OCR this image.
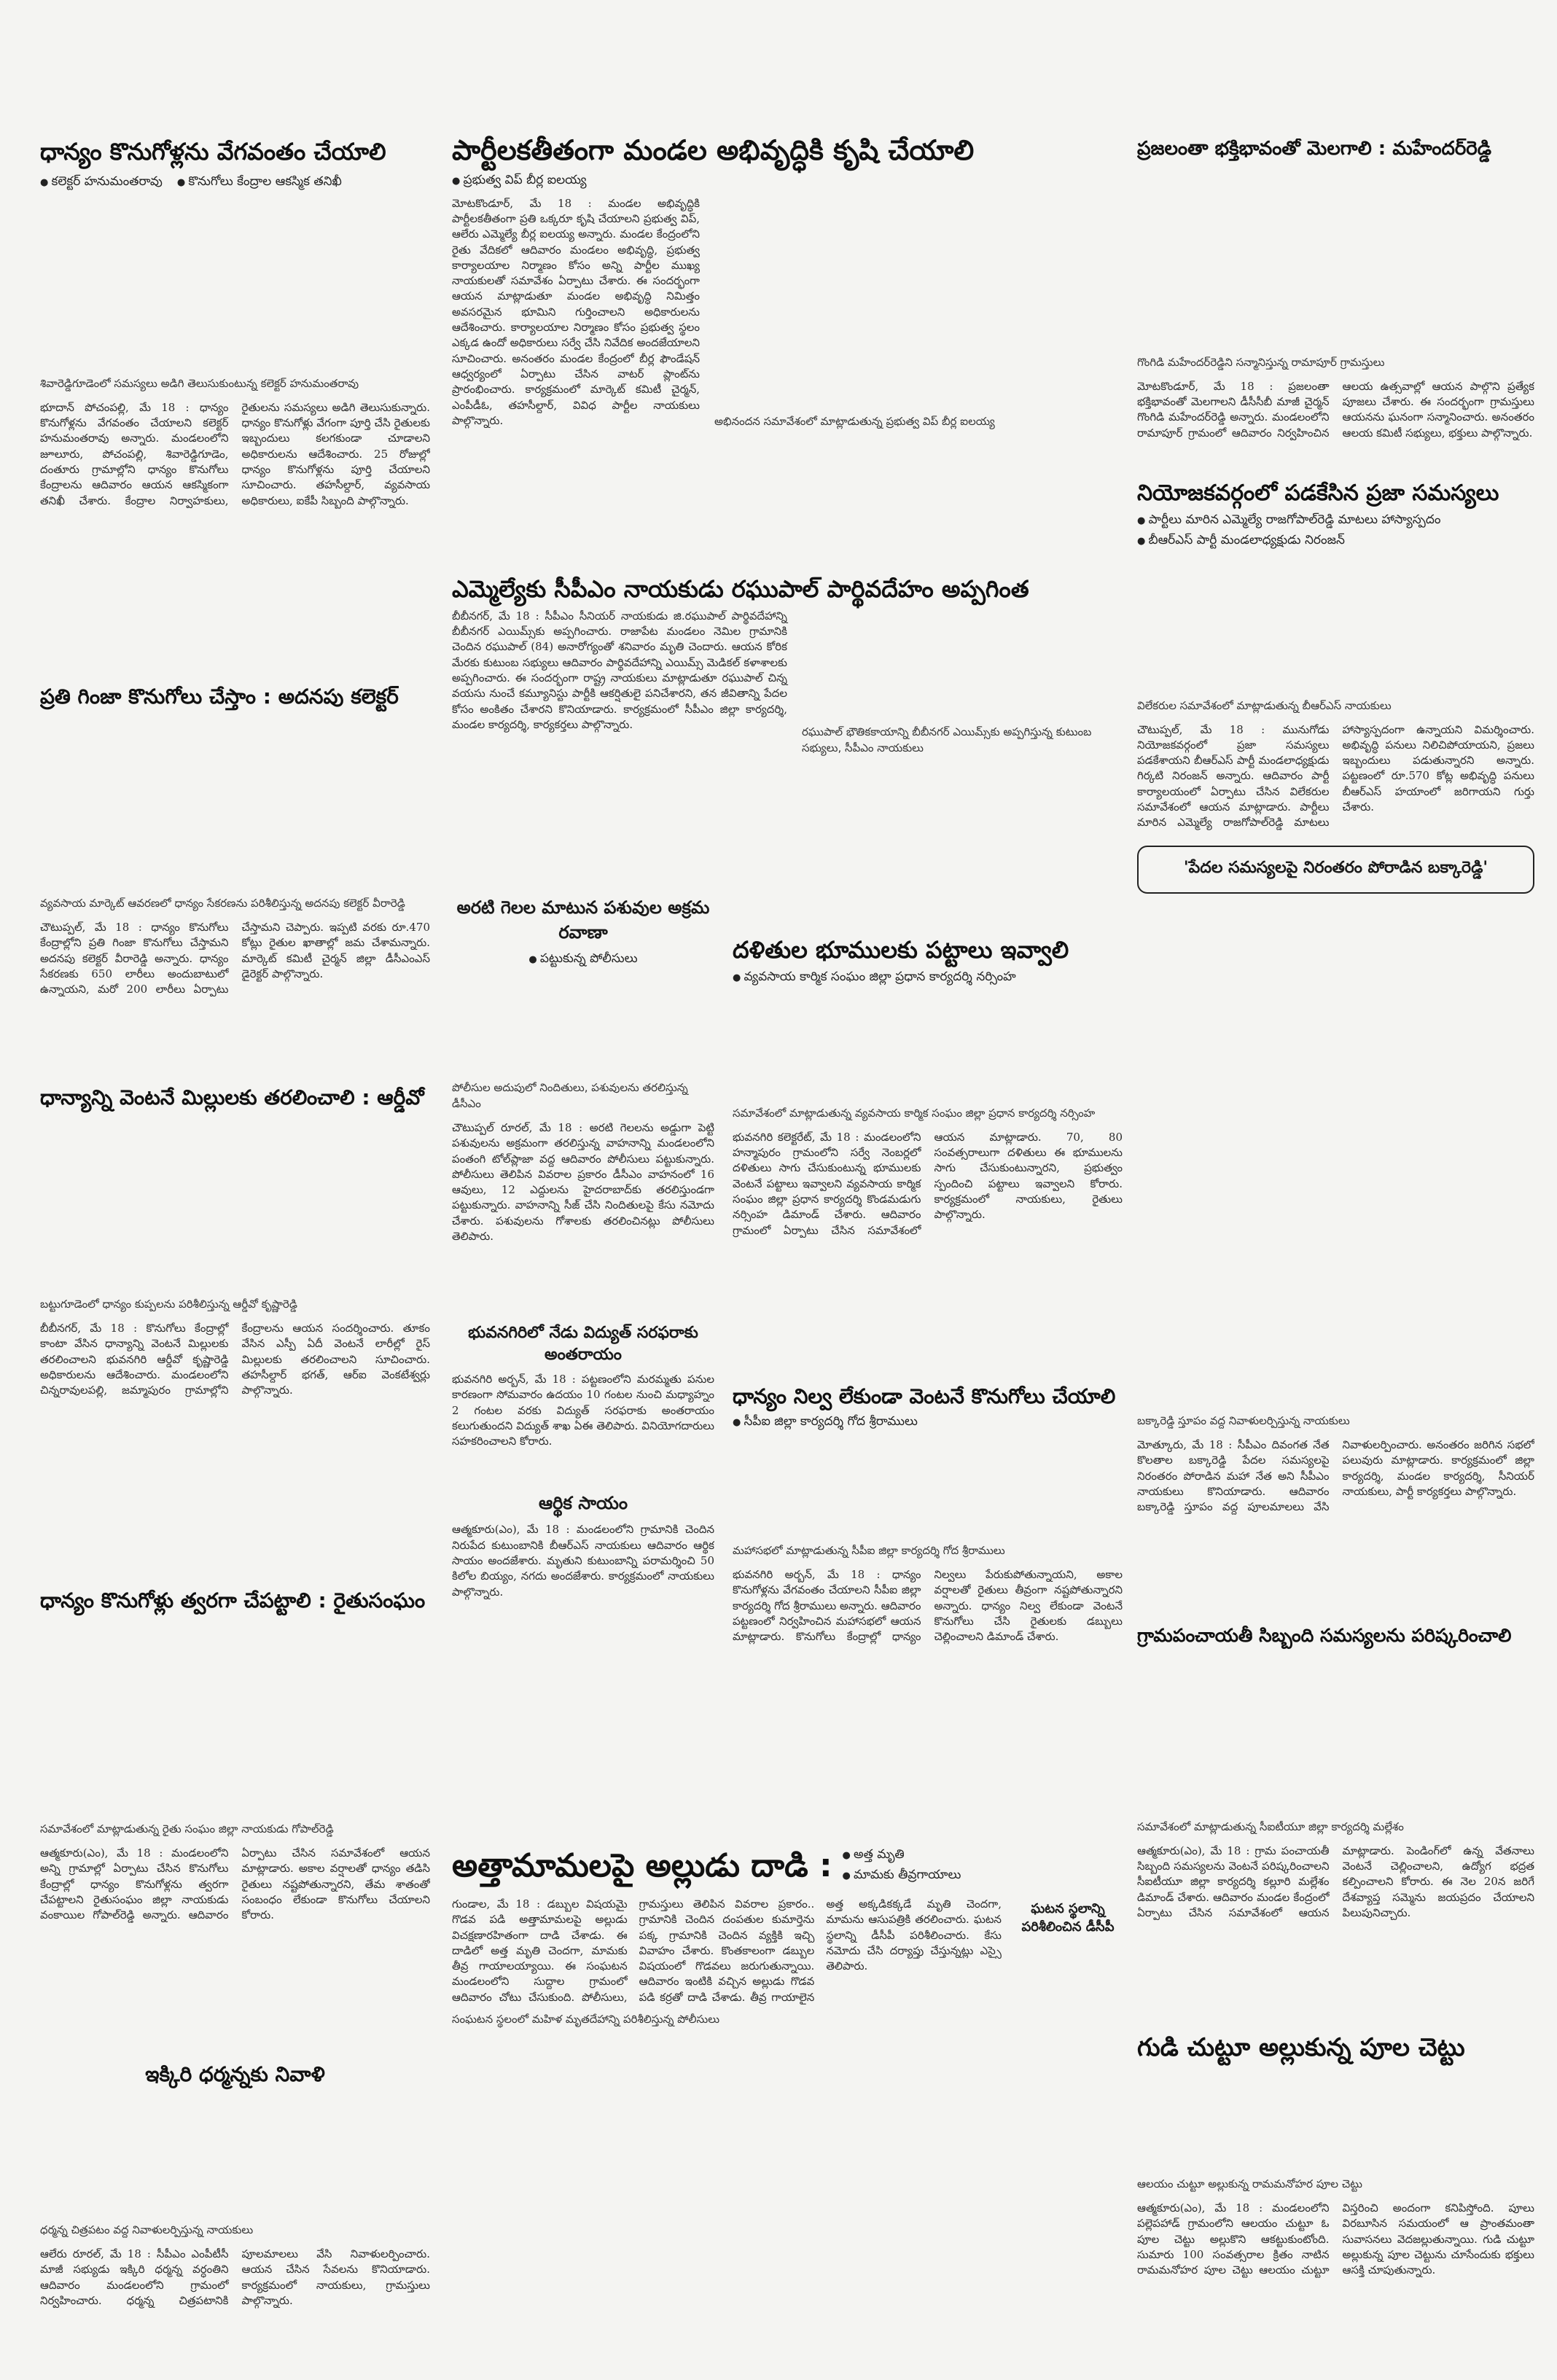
ధాన్యం కొనుగోళ్లను వేగవంతం చేయాలి
● కలెక్టర్ హనుమంతరావు	● కొనుగోలు కేంద్రాల ఆకస్మిక తనిఖీ
శివారెడ్డిగూడెంలో సమస్యలు అడిగి తెలుసుకుంటున్న కలెక్టర్ హనుమంతరావు

భూదాన్ పోచంపల్లి, మే 18 : ధాన్యం కొనుగోళ్లను వేగవంతం చేయాలని కలెక్టర్ హనుమంతరావు అన్నారు. మండలంలోని జూలూరు, పోచంపల్లి, శివారెడ్డిగూడెం, దంతూరు గ్రామాల్లోని ధాన్యం కొనుగోలు కేంద్రాలను ఆదివారం ఆయన ఆకస్మికంగా తనిఖీ చేశారు. కేంద్రాల నిర్వాహకులు, రైతులను సమస్యలు అడిగి తెలుసుకున్నారు. ధాన్యం కొనుగోళ్లు వేగంగా పూర్తి చేసి రైతులకు ఇబ్బందులు కలగకుండా చూడాలని అధికారులను ఆదేశించారు. 25 రోజుల్లో ధాన్యం కొనుగోళ్లను పూర్తి చేయాలని సూచించారు. తహసీల్దార్, వ్యవసాయ అధికారులు, ఐకేపీ సిబ్బంది పాల్గొన్నారు.

ప్రతి గింజా కొనుగోలు చేస్తాం : అదనపు కలెక్టర్
వ్యవసాయ మార్కెట్ ఆవరణలో ధాన్యం సేకరణను పరిశీలిస్తున్న అదనపు కలెక్టర్ వీరారెడ్డి

చౌటుప్పల్, మే 18 : ధాన్యం కొనుగోలు కేంద్రాల్లోని ప్రతి గింజా కొనుగోలు చేస్తామని అదనపు కలెక్టర్ వీరారెడ్డి అన్నారు. ధాన్యం సేకరణకు 650 లారీలు అందుబాటులో ఉన్నాయని, మరో 200 లారీలు ఏర్పాటు చేస్తామని చెప్పారు. ఇప్పటి వరకు రూ.470 కోట్లు రైతుల ఖాతాల్లో జమ చేశామన్నారు. మార్కెట్ కమిటీ చైర్మన్ జిల్లా డీసీఎంఎస్ డైరెక్టర్ పాల్గొన్నారు.

ధాన్యాన్ని వెంటనే మిల్లులకు తరలించాలి : ఆర్డీవో
బట్టుగూడెంలో ధాన్యం కుప్పలను పరిశీలిస్తున్న ఆర్డీవో కృష్ణారెడ్డి

బీబీనగర్, మే 18 : కొనుగోలు కేంద్రాల్లో కాంటా వేసిన ధాన్యాన్ని వెంటనే మిల్లులకు తరలించాలని భువనగిరి ఆర్డీవో కృష్ణారెడ్డి అధికారులను ఆదేశించారు. మండలంలోని చిన్నరావులపల్లి, జమ్మాపురం గ్రామాల్లోని కేంద్రాలను ఆయన సందర్శించారు. తూకం వేసిన ఎస్పీ ఏదీ వెంటనే లారీల్లో రైస్ మిల్లులకు తరలించాలని సూచించారు. తహసీల్దార్ భగత్, ఆర్ఐ వెంకటేశ్వర్లు పాల్గొన్నారు.

ధాన్యం కొనుగోళ్లు త్వరగా చేపట్టాలి : రైతుసంఘం
సమావేశంలో మాట్లాడుతున్న రైతు సంఘం జిల్లా నాయకుడు గోపాల్‌రెడ్డి

ఆత్మకూరు(ఎం), మే 18 : మండలంలోని అన్ని గ్రామాల్లో ఏర్పాటు చేసిన కొనుగోలు కేంద్రాల్లో ధాన్యం కొనుగోళ్లను త్వరగా చేపట్టాలని రైతుసంఘం జిల్లా నాయకుడు వంకాయిల గోపాల్‌రెడ్డి అన్నారు. ఆదివారం ఏర్పాటు చేసిన సమావేశంలో ఆయన మాట్లాడారు. అకాల వర్షాలతో ధాన్యం తడిసి రైతులు నష్టపోతున్నారని, తేమ శాతంతో సంబంధం లేకుండా కొనుగోలు చేయాలని కోరారు.

ఇక్కిరి ధర్మన్నకు నివాళి
ధర్మన్న చిత్రపటం వద్ద నివాళులర్పిస్తున్న నాయకులు

ఆలేరు రూరల్, మే 18 : సీపీఎం ఎంపీటీసీ మాజీ సభ్యుడు ఇక్కిరి ధర్మన్న వర్ధంతిని ఆదివారం మండలంలోని గ్రామంలో నిర్వహించారు. ధర్మన్న చిత్రపటానికి పూలమాలలు వేసి నివాళులర్పించారు. ఆయన చేసిన సేవలను కొనియాడారు. కార్యక్రమంలో నాయకులు, గ్రామస్తులు పాల్గొన్నారు.

పార్టీలకతీతంగా మండల అభివృద్ధికి కృషి చేయాలి
● ప్రభుత్వ విప్ బీర్ల ఐలయ్య

మోటకొండూర్, మే 18 : మండల అభివృద్ధికి పార్టీలకతీతంగా ప్రతి ఒక్కరూ కృషి చేయాలని ప్రభుత్వ విప్, ఆలేరు ఎమ్మెల్యే బీర్ల ఐలయ్య అన్నారు. మండల కేంద్రంలోని రైతు వేదికలో ఆదివారం మండలం అభివృద్ధి, ప్రభుత్వ కార్యాలయాల నిర్మాణం కోసం అన్ని పార్టీల ముఖ్య నాయకులతో సమావేశం ఏర్పాటు చేశారు. ఈ సందర్భంగా ఆయన మాట్లాడుతూ మండల అభివృద్ధి నిమిత్తం అవసరమైన భూమిని గుర్తించాలని అధికారులను ఆదేశించారు. కార్యాలయాల నిర్మాణం కోసం ప్రభుత్వ స్థలం ఎక్కడ ఉందో అధికారులు సర్వే చేసి నివేదిక అందజేయాలని సూచించారు. అనంతరం మండల కేంద్రంలో బీర్ల ఫౌండేషన్ ఆధ్వర్యంలో ఏర్పాటు చేసిన వాటర్ ప్లాంట్‌ను ప్రారంభించారు. కార్యక్రమంలో మార్కెట్ కమిటీ చైర్మన్, ఎంపీడీఓ, తహసీల్దార్, వివిధ పార్టీల నాయకులు పాల్గొన్నారు.	అభినందన సమావేశంలో మాట్లాడుతున్న ప్రభుత్వ విప్ బీర్ల ఐలయ్య
ఎమ్మెల్యేకు సీపీఎం నాయకుడు రఘుపాల్ పార్థివదేహం అప్పగింత

బీబీనగర్, మే 18 : సీపీఎం సీనియర్ నాయకుడు జి.రఘుపాల్ పార్థివదేహాన్ని బీబీనగర్ ఎయిమ్స్‌కు అప్పగించారు. రాజాపేట మండలం నెమిల గ్రామానికి చెందిన రఘుపాల్ (84) అనారోగ్యంతో శనివారం మృతి చెందారు. ఆయన కోరిక మేరకు కుటుంబ సభ్యులు ఆదివారం పార్థివదేహాన్ని ఎయిమ్స్ మెడికల్ కళాశాలకు అప్పగించారు. ఈ సందర్భంగా రాష్ట్ర నాయకులు మాట్లాడుతూ రఘుపాల్ చిన్న వయసు నుంచే కమ్యూనిస్టు పార్టీకి ఆకర్షితులై పనిచేశారని, తన జీవితాన్ని పేదల కోసం అంకితం చేశారని కొనియాడారు. కార్యక్రమంలో సీపీఎం జిల్లా కార్యదర్శి, మండల కార్యదర్శి, కార్యకర్తలు పాల్గొన్నారు.

రఘుపాల్ భౌతికకాయాన్ని బీబీనగర్ ఎయిమ్స్‌కు అప్పగిస్తున్న కుటుంబ సభ్యులు, సీపీఎం నాయకులు
అరటి గెలల మాటున పశువుల అక్రమ రవాణా
● పట్టుకున్న పోలీసులు
పోలీసుల అదుపులో నిందితులు, పశువులను తరలిస్తున్న డీసీఎం

చౌటుప్పల్ రూరల్, మే 18 : అరటి గెలలను అడ్డుగా పెట్టి పశువులను అక్రమంగా తరలిస్తున్న వాహనాన్ని మండలంలోని పంతంగి టోల్‌ప్లాజా వద్ద ఆదివారం పోలీసులు పట్టుకున్నారు. పోలీసులు తెలిపిన వివరాల ప్రకారం డీసీఎం వాహనంలో 16 ఆవులు, 12 ఎద్దులను హైదరాబాద్‌కు తరలిస్తుండగా పట్టుకున్నారు. వాహనాన్ని సీజ్ చేసి నిందితులపై కేసు నమోదు చేశారు. పశువులను గోశాలకు తరలించినట్లు పోలీసులు తెలిపారు.

భువనగిరిలో నేడు విద్యుత్ సరఫరాకు అంతరాయం

భువనగిరి అర్బన్, మే 18 : పట్టణంలోని మరమ్మతు పనుల కారణంగా సోమవారం ఉదయం 10 గంటల నుంచి మధ్యాహ్నం 2 గంటల వరకు విద్యుత్ సరఫరాకు అంతరాయం కలుగుతుందని విద్యుత్ శాఖ ఏఈ తెలిపారు. వినియోగదారులు సహకరించాలని కోరారు.

ఆర్థిక సాయం

ఆత్మకూరు(ఎం), మే 18 : మండలంలోని గ్రామానికి చెందిన నిరుపేద కుటుంబానికి బీఆర్ఎస్ నాయకులు ఆదివారం ఆర్థిక సాయం అందజేశారు. మృతుని కుటుంబాన్ని పరామర్శించి 50 కిలోల బియ్యం, నగదు అందజేశారు. కార్యక్రమంలో నాయకులు పాల్గొన్నారు.

దళితుల భూములకు పట్టాలు ఇవ్వాలి
● వ్యవసాయ కార్మిక సంఘం జిల్లా ప్రధాన కార్యదర్శి నర్సింహ
సమావేశంలో మాట్లాడుతున్న వ్యవసాయ కార్మిక సంఘం జిల్లా ప్రధాన కార్యదర్శి నర్సింహ

భువనగిరి కలెక్టరేట్, మే 18 : మండలంలోని హన్మాపురం గ్రామంలోని సర్వే నెంబర్లలో దళితులు సాగు చేసుకుంటున్న భూములకు వెంటనే పట్టాలు ఇవ్వాలని వ్యవసాయ కార్మిక సంఘం జిల్లా ప్రధాన కార్యదర్శి కొండమడుగు నర్సింహ డిమాండ్ చేశారు. ఆదివారం గ్రామంలో ఏర్పాటు చేసిన సమావేశంలో ఆయన మాట్లాడారు. 70, 80 సంవత్సరాలుగా దళితులు ఈ భూములను సాగు చేసుకుంటున్నారని, ప్రభుత్వం స్పందించి పట్టాలు ఇవ్వాలని కోరారు. కార్యక్రమంలో నాయకులు, రైతులు పాల్గొన్నారు.

ధాన్యం నిల్వ లేకుండా వెంటనే కొనుగోలు చేయాలి
● సీపీఐ జిల్లా కార్యదర్శి గోద శ్రీరాములు
మహాసభలో మాట్లాడుతున్న సీపీఐ జిల్లా కార్యదర్శి గోద శ్రీరాములు

భువనగిరి అర్బన్, మే 18 : ధాన్యం కొనుగోళ్లను వేగవంతం చేయాలని సీపీఐ జిల్లా కార్యదర్శి గోద శ్రీరాములు అన్నారు. ఆదివారం పట్టణంలో నిర్వహించిన మహాసభలో ఆయన మాట్లాడారు. కొనుగోలు కేంద్రాల్లో ధాన్యం నిల్వలు పేరుకుపోతున్నాయని, అకాల వర్షాలతో రైతులు తీవ్రంగా నష్టపోతున్నారని అన్నారు. ధాన్యం నిల్వ లేకుండా వెంటనే కొనుగోలు చేసి రైతులకు డబ్బులు చెల్లించాలని డిమాండ్ చేశారు.

అత్తామామలపై అల్లుడు దాడి :	● అత్త మృతి
● మామకు తీవ్రగాయాలు

గుండాల, మే 18 : డబ్బుల విషయమై గొడవ పడి అత్తామామలపై అల్లుడు విచక్షణారహితంగా దాడి చేశాడు. ఈ దాడిలో అత్త మృతి చెందగా, మామకు తీవ్ర గాయాలయ్యాయి. ఈ సంఘటన మండలంలోని సుద్దాల గ్రామంలో ఆదివారం చోటు చేసుకుంది. పోలీసులు, గ్రామస్తులు తెలిపిన వివరాల ప్రకారం.. గ్రామానికి చెందిన దంపతుల కుమార్తెను పక్క గ్రామానికి చెందిన వ్యక్తికి ఇచ్చి వివాహం చేశారు. కొంతకాలంగా డబ్బుల విషయంలో గొడవలు జరుగుతున్నాయి. ఆదివారం ఇంటికి వచ్చిన అల్లుడు గొడవ పడి కర్రతో దాడి చేశాడు. తీవ్ర గాయాలైన అత్త అక్కడికక్కడే మృతి చెందగా, మామను ఆసుపత్రికి తరలించారు. ఘటన స్థలాన్ని డీసీపీ పరిశీలించారు. కేసు నమోదు చేసి దర్యాప్తు చేస్తున్నట్లు ఎస్సై తెలిపారు.

ఘటన స్థలాన్ని పరిశీలించిన డీసీపీ
సంఘటన స్థలంలో మహిళ మృతదేహాన్ని పరిశీలిస్తున్న పోలీసులు
ప్రజలంతా భక్తిభావంతో మెలగాలి : మహేందర్‌రెడ్డి
గొంగిడి మహేందర్‌రెడ్డిని సన్మానిస్తున్న రామాపూర్ గ్రామస్తులు

మోటకొండూర్, మే 18 : ప్రజలంతా భక్తిభావంతో మెలగాలని డీసీసీబీ మాజీ చైర్మన్ గొంగిడి మహేందర్‌రెడ్డి అన్నారు. మండలంలోని రామాపూర్ గ్రామంలో ఆదివారం నిర్వహించిన ఆలయ ఉత్సవాల్లో ఆయన పాల్గొని ప్రత్యేక పూజలు చేశారు. ఈ సందర్భంగా గ్రామస్తులు ఆయనను ఘనంగా సన్మానించారు. అనంతరం ఆలయ కమిటీ సభ్యులు, భక్తులు పాల్గొన్నారు.

నియోజకవర్గంలో పడకేసిన ప్రజా సమస్యలు
● పార్టీలు మారిన ఎమ్మెల్యే రాజగోపాల్‌రెడ్డి మాటలు హాస్యాస్పదం
● బీఆర్ఎస్ పార్టీ మండలాధ్యక్షుడు నిరంజన్
విలేకరుల సమావేశంలో మాట్లాడుతున్న బీఆర్ఎస్ నాయకులు

చౌటుప్పల్, మే 18 : మునుగోడు నియోజకవర్గంలో ప్రజా సమస్యలు పడకేశాయని బీఆర్ఎస్ పార్టీ మండలాధ్యక్షుడు గిర్కటి నిరంజన్ అన్నారు. ఆదివారం పార్టీ కార్యాలయంలో ఏర్పాటు చేసిన విలేకరుల సమావేశంలో ఆయన మాట్లాడారు. పార్టీలు మారిన ఎమ్మెల్యే రాజగోపాల్‌రెడ్డి మాటలు హాస్యాస్పదంగా ఉన్నాయని విమర్శించారు. అభివృద్ధి పనులు నిలిచిపోయాయని, ప్రజలు ఇబ్బందులు పడుతున్నారని అన్నారు. పట్టణంలో రూ.570 కోట్ల అభివృద్ధి పనులు బీఆర్ఎస్ హయాంలో జరిగాయని గుర్తు చేశారు.

'పేదల సమస్యలపై నిరంతరం పోరాడిన బక్కారెడ్డి'
బక్కారెడ్డి స్తూపం వద్ద నివాళులర్పిస్తున్న నాయకులు

మోత్కూరు, మే 18 : సీపీఎం దివంగత నేత కొలతాల బక్కారెడ్డి పేదల సమస్యలపై నిరంతరం పోరాడిన మహా నేత అని సీపీఎం నాయకులు కొనియాడారు. ఆదివారం బక్కారెడ్డి స్తూపం వద్ద పూలమాలలు వేసి నివాళులర్పించారు. అనంతరం జరిగిన సభలో పలువురు మాట్లాడారు. కార్యక్రమంలో జిల్లా కార్యదర్శి, మండల కార్యదర్శి, సీనియర్ నాయకులు, పార్టీ కార్యకర్తలు పాల్గొన్నారు.

గ్రామపంచాయతీ సిబ్బంది సమస్యలను పరిష్కరించాలి
సమావేశంలో మాట్లాడుతున్న సీఐటీయూ జిల్లా కార్యదర్శి మల్లేశం

ఆత్మకూరు(ఎం), మే 18 : గ్రామ పంచాయతీ సిబ్బంది సమస్యలను వెంటనే పరిష్కరించాలని సీఐటీయూ జిల్లా కార్యదర్శి కల్లూరి మల్లేశం డిమాండ్ చేశారు. ఆదివారం మండల కేంద్రంలో ఏర్పాటు చేసిన సమావేశంలో ఆయన మాట్లాడారు. పెండింగ్‌లో ఉన్న వేతనాలు వెంటనే చెల్లించాలని, ఉద్యోగ భద్రత కల్పించాలని కోరారు. ఈ నెల 20న జరిగే దేశవ్యాప్త సమ్మెను జయప్రదం చేయాలని పిలుపునిచ్చారు.

గుడి చుట్టూ అల్లుకున్న పూల చెట్టు
ఆలయం చుట్టూ అల్లుకున్న రామమనోహర పూల చెట్టు

ఆత్మకూరు(ఎం), మే 18 : మండలంలోని పల్లెపహాడ్ గ్రామంలోని ఆలయం చుట్టూ ఓ పూల చెట్టు అల్లుకొని ఆకట్టుకుంటోంది. సుమారు 100 సంవత్సరాల క్రితం నాటిన రామమనోహర పూల చెట్టు ఆలయం చుట్టూ విస్తరించి అందంగా కనిపిస్తోంది. పూలు విరబూసిన సమయంలో ఆ ప్రాంతమంతా సువాసనలు వెదజల్లుతున్నాయి. గుడి చుట్టూ అల్లుకున్న పూల చెట్టును చూసేందుకు భక్తులు ఆసక్తి చూపుతున్నారు.
